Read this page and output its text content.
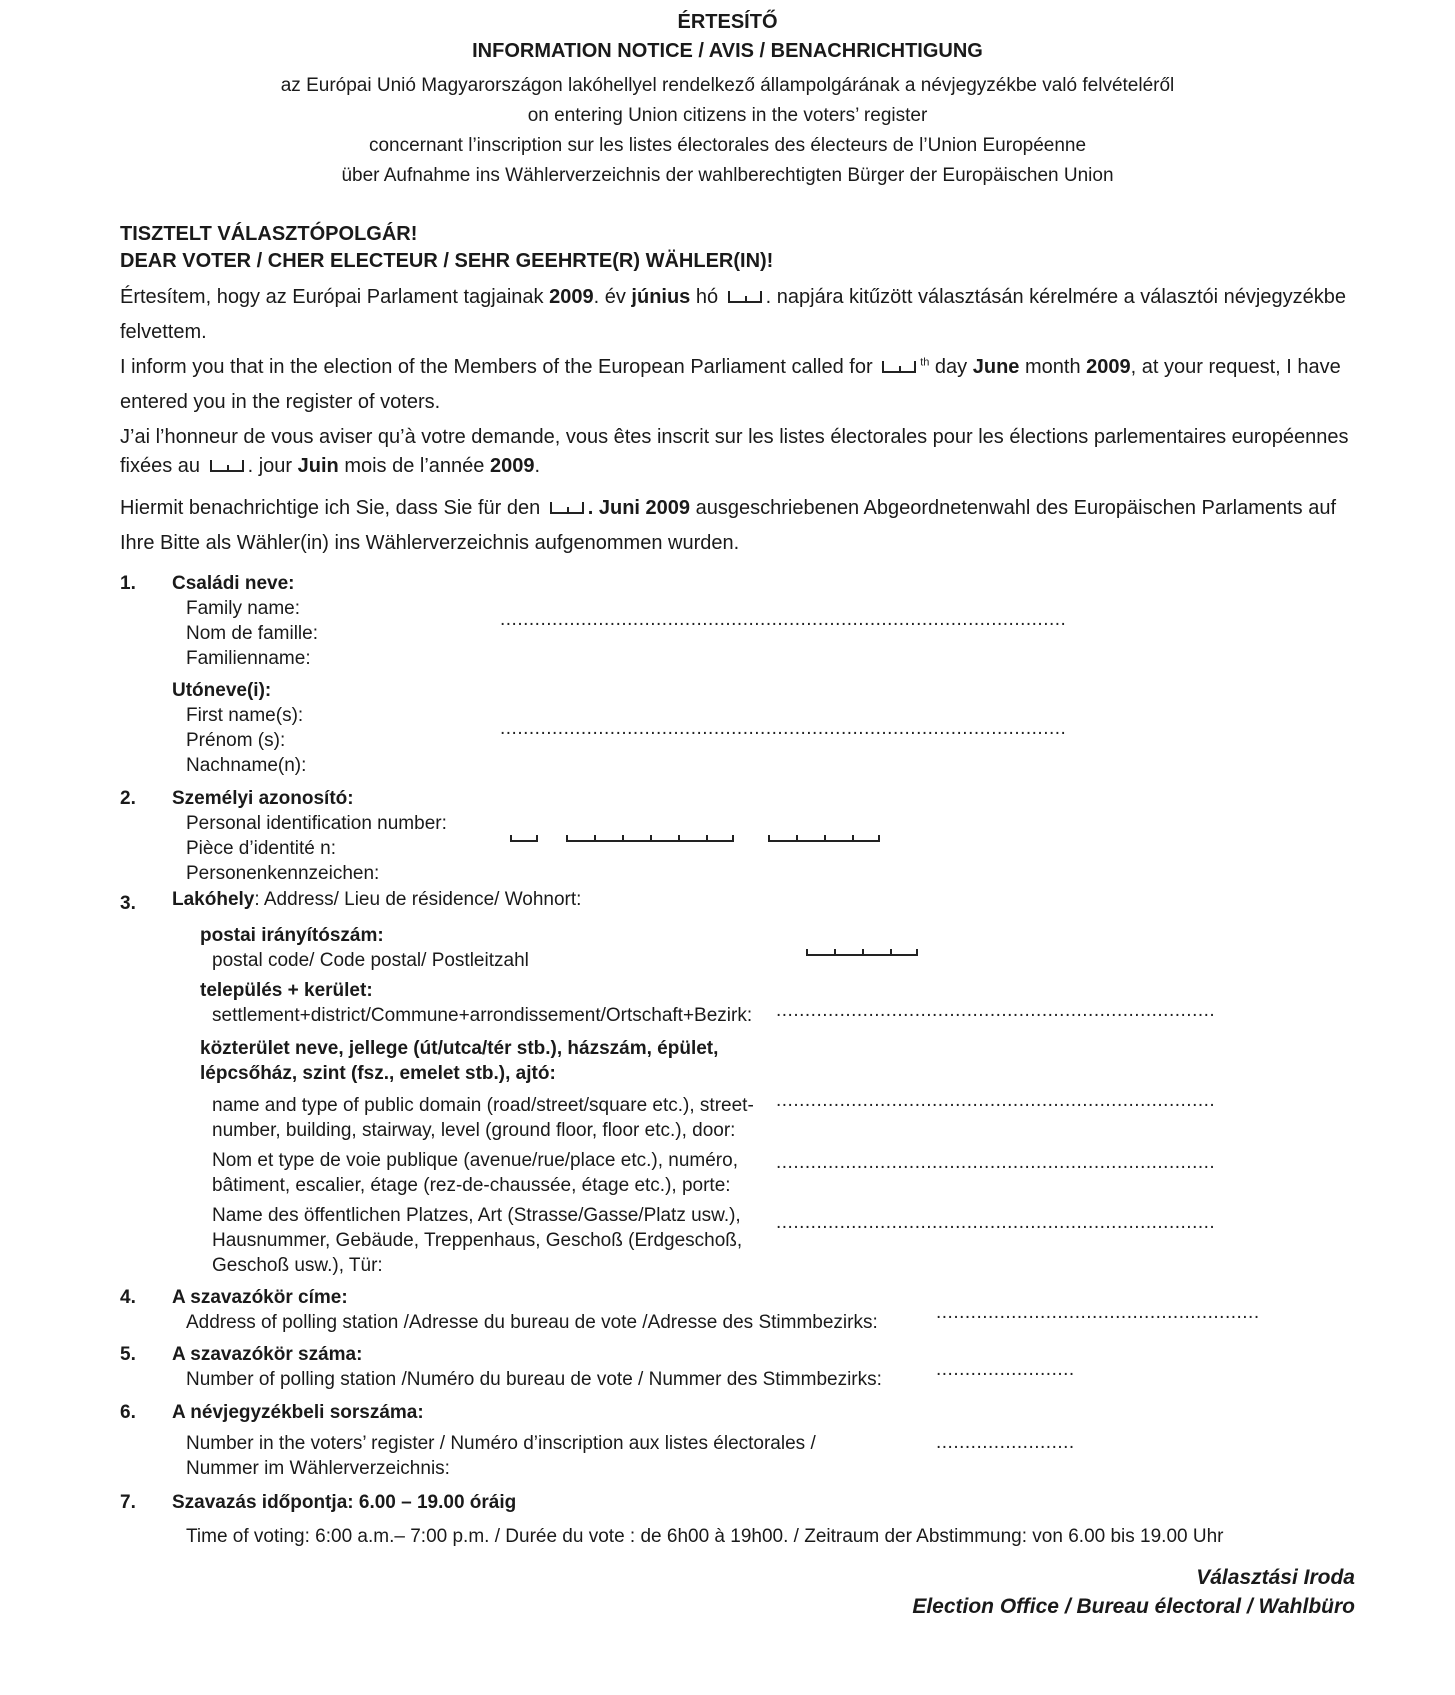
ÉRTESÍTŐ
INFORMATION NOTICE / AVIS / BENACHRICHTIGUNG
az Európai Unió Magyarországon lakóhellyel rendelkező állampolgárának a névjegyzékbe való felvételéről
on entering Union citizens in the voters’ register
concernant l’inscription sur les listes électorales des électeurs de l’Union Européenne
über Aufnahme ins Wählerverzeichnis der wahlberechtigten Bürger der Europäischen Union
TISZTELT VÁLASZTÓPOLGÁR!
DEAR VOTER / CHER ELECTEUR / SEHR GEEHRTE(R) WÄHLER(IN)!
Értesítem, hogy az Európai Parlament tagjainak 2009. év június hó . napjára kitűzött választásán kérelmére a választói névjegyzékbe
felvettem.
I inform you that in the election of the Members of the European Parliament called for	$^{th}$ day June month 2009, at your request, I have
entered you in the register of voters.
J’ai l’honneur de vous aviser qu’à votre demande, vous êtes inscrit sur les listes électorales pour les élections parlementaires européennes
fixées au . jour Juin mois de l’année 2009.
Hiermit benachrichtige ich Sie, dass Sie für den . Juni 2009 ausgeschriebenen Abgeordnetenwahl des Europäischen Parlaments auf
Ihre Bitte als Wähler(in) ins Wählerverzeichnis aufgenommen wurden.
1. Családi neve:
Family name:
Nom de famille:
Familienname:
..................................................................................................
Utóneve(i):
First name(s):
Prénom (s):
Nachname(n):
..................................................................................................
2. Személyi azonosító:
Personal identification number:
Pièce d’identité n:
Personenkennzeichen:
3. Lakóhely: Address/ Lieu de résidence/ Wohnort:
postai irányítószám:
postal code/ Code postal/ Postleitzahl
település + kerület:
settlement+district/Commune+arrondissement/Ortschaft+Bezirk: ............................................................................
közterület neve, jellege (út/utca/tér stb.), házszám, épület,
lépcsőház, szint (fsz., emelet stb.), ajtó:
name and type of public domain (road/street/square etc.), street-
number, building, stairway, level (ground floor, floor etc.), door:
............................................................................
Nom et type de voie publique (avenue/rue/place etc.), numéro,
bâtiment, escalier, étage (rez-de-chaussée, étage etc.), porte:
............................................................................
Name des öffentlichen Platzes, Art (Strasse/Gasse/Platz usw.),
Hausnummer, Gebäude, Treppenhaus, Geschoß (Erdgeschoß,
Geschoß usw.), Tür:
............................................................................
4. A szavazókör címe:
Address of polling station /Adresse du bureau de vote /Adresse des Stimmbezirks:	........................................................
5. A szavazókör száma:
Number of polling station /Numéro du bureau de vote / Nummer des Stimmbezirks:	........................
6. A névjegyzékbeli sorszáma:
Number in the voters’ register / Numéro d’inscription aux listes électorales /
Nummer im Wählerverzeichnis:
........................
7. Szavazás időpontja: 6.00 – 19.00 óráig
Time of voting: 6:00 a.m.– 7:00 p.m. / Durée du vote : de 6h00 à 19h00. / Zeitraum der Abstimmung: von 6.00 bis 19.00 Uhr
Választási Iroda
Election Office / Bureau électoral / Wahlbüro
